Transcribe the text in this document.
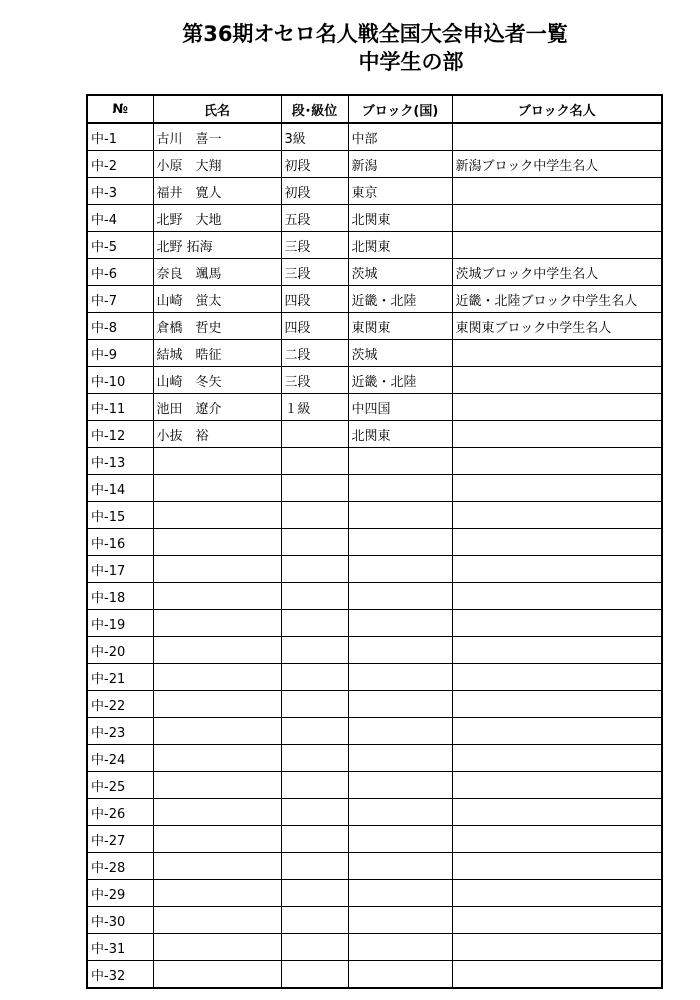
第36期オセロ名人戦全国大会申込者一覧
中学生の部
№	氏名	段･級位	ブロック(国)	ブロック名人
中-1	古川　喜一	3級	中部	
中-2	小原　大翔	初段	新潟	新潟ブロック中学生名人
中-3	福井　寛人	初段	東京	
中-4	北野　大地	五段	北関東	
中-5	北野 拓海	三段	北関東	
中-6	奈良　颯馬	三段	茨城	茨城ブロック中学生名人
中-7	山崎　蛍太	四段	近畿・北陸	近畿・北陸ブロック中学生名人
中-8	倉橋　哲史	四段	東関東	東関東ブロック中学生名人
中-9	結城　晧征	二段	茨城	
中-10	山崎　冬矢	三段	近畿・北陸	
中-11	池田　遼介	１級	中四国	
中-12	小抜　裕		北関東	
中-13				
中-14				
中-15				
中-16				
中-17				
中-18				
中-19				
中-20				
中-21				
中-22				
中-23				
中-24				
中-25				
中-26				
中-27				
中-28				
中-29				
中-30				
中-31				
中-32				
